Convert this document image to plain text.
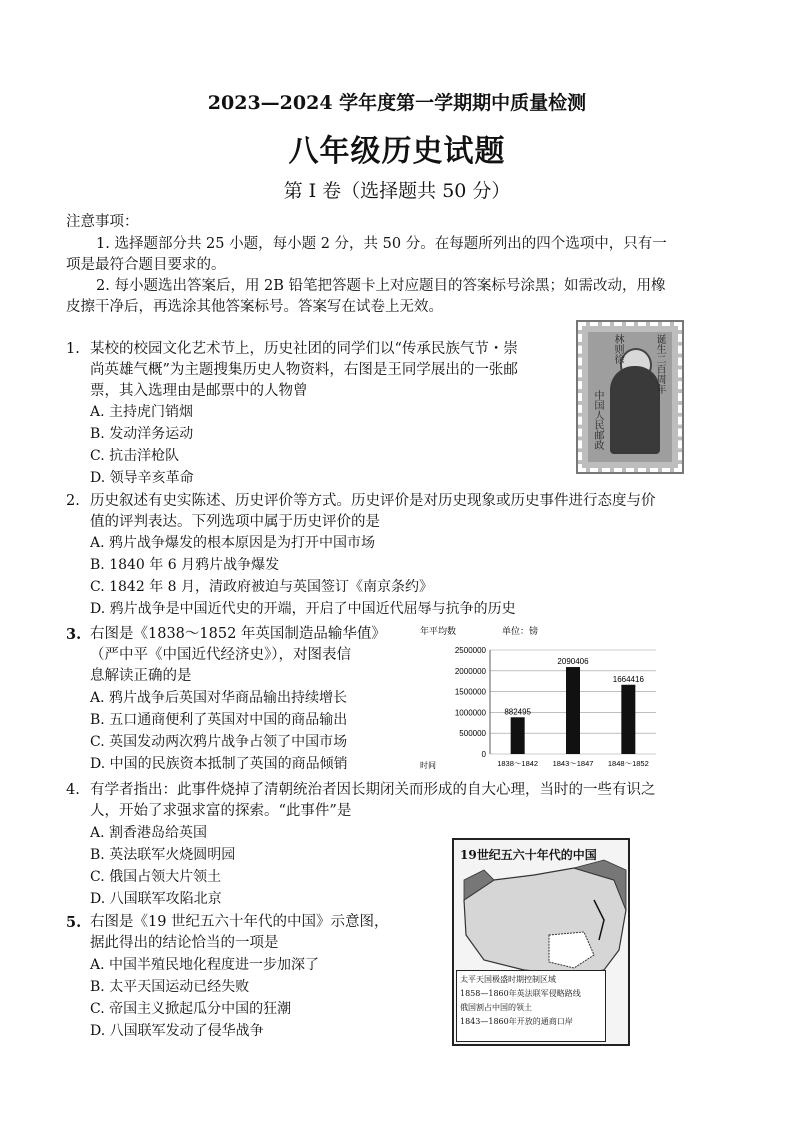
2023—2024 学年度第一学期期中质量检测
八年级历史试题
第 I 卷（选择题共 50 分）
注意事项：
1. 选择题部分共 25 小题，每小题 2 分，共 50 分。在每题所列出的四个选项中，只有一
项是最符合题目要求的。
2. 每小题选出答案后，用 2B 铅笔把答题卡上对应题目的答案标号涂黑；如需改动，用橡
皮擦干净后，再选涂其他答案标号。答案写在试卷上无效。
1. 某校的校园文化艺术节上，历史社团的同学们以“传承民族气节・崇
尚英雄气概”为主题搜集历史人物资料，右图是王同学展出的一张邮
票，其入选理由是邮票中的人物曾
A. 主持虎门销烟
B. 发动洋务运动
C. 抗击洋枪队
D. 领导辛亥革命
中国人民邮政
林则徐	诞生二百周年
2. 历史叙述有史实陈述、历史评价等方式。历史评价是对历史现象或历史事件进行态度与价
值的评判表达。下列选项中属于历史评价的是
A. 鸦片战争爆发的根本原因是为打开中国市场
B. 1840 年 6 月鸦片战争爆发
C. 1842 年 8 月，清政府被迫与英国签订《南京条约》
D. 鸦片战争是中国近代史的开端，开启了中国近代屈辱与抗争的历史
3. 右图是《1838～1852 年英国制造品输华值》
（严中平《中国近代经济史》），对图表信
息解读正确的是
A. 鸦片战争后英国对华商品输出持续增长
B. 五口通商便利了英国对中国的商品输出
C. 英国发动两次鸦片战争占领了中国市场
D. 中国的民族资本抵制了英国的商品倾销
年平均数	单位：镑
时间
0
500000
1000000
1500000
2000000
2500000
882495
2090406
1664416
1838～1842 1843～1847 1848～1852
4. 有学者指出：此事件烧掉了清朝统治者因长期闭关而形成的自大心理，当时的一些有识之
人，开始了求强求富的探索。“此事件”是
A. 割香港岛给英国
B. 英法联军火烧圆明园
C. 俄国占领大片领土
D. 八国联军攻陷北京
5. 右图是《19 世纪五六十年代的中国》示意图，
据此得出的结论恰当的一项是
A. 中国半殖民地化程度进一步加深了
B. 太平天国运动已经失败
C. 帝国主义掀起瓜分中国的狂潮
D. 八国联军发动了侵华战争
19世纪五六十年代的中国
太平天国极盛时期控制区域
1858—1860年英法联军侵略路线
俄国割占中国的领土
1843—1860年开放的通商口岸
